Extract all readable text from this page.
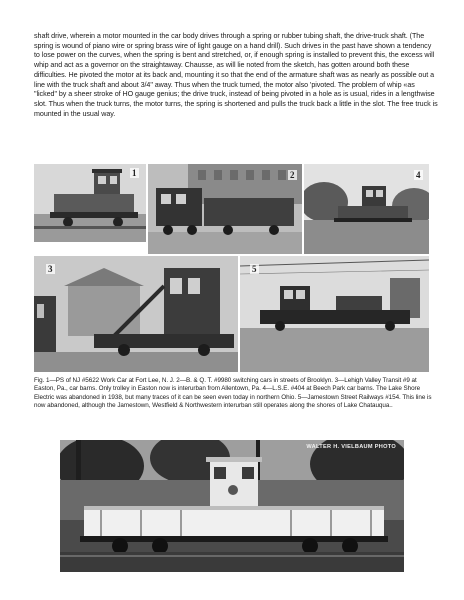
shaft drive, wherein a motor mounted in the car body drives through a spring or rubber tubing shaft, the drive-truck shaft. (The spring is wound of piano wire or spring brass wire of light gauge on a hand drill). Such drives in the past have shown a tendency to lose power on the curves, when the spring is bent and stretched, or, if enough spring is installed to prevent this, the excess will whip and act as a governor on the straightaway. Chausse, as will lie noted from the sketch, has gotten around both these difficulties. He pivoted the motor at its back and, mounting it so that the end of the armature shaft was as nearly as possible out a line with the truck shaft and about 3/4" away. Thus when the truck turned, the motor also 'pivoted. The problem of whip «as "licked" by a sheer stroke of HO gauge genius; the drive truck, instead of being pivoted in a hole as is usual, rides in a lengthwise slot. Thus when the truck turns, the motor turns, the spring is shortened and pulls the truck back a little in the slot. The free truck is mounted in the usual way.
1	2	4
3	5
Fig. 1—PS of NJ #5622 Work Car at Fort Lee, N. J. 2—B. & Q. T. #9980 switching cars in streets of Brooklyn. 3—Lehigh Valley Transit #9 at Easton, Pa., car barns. Only trolley in Easton now is interurban from Allentown, Pa. 4—L.S.E. #404 at Beech Park car barns. The Lake Shore Electric was abandoned in 1938, but many traces of it can be seen even today in northern Ohio. 5—Jamestown Street Railways #154. This line is now abandoned, although the Jamestown, Westfield & Northwestern interurban still operates along the shores of Lake Chatauqua..
WALTER H. VIELBAUM PHOTO
